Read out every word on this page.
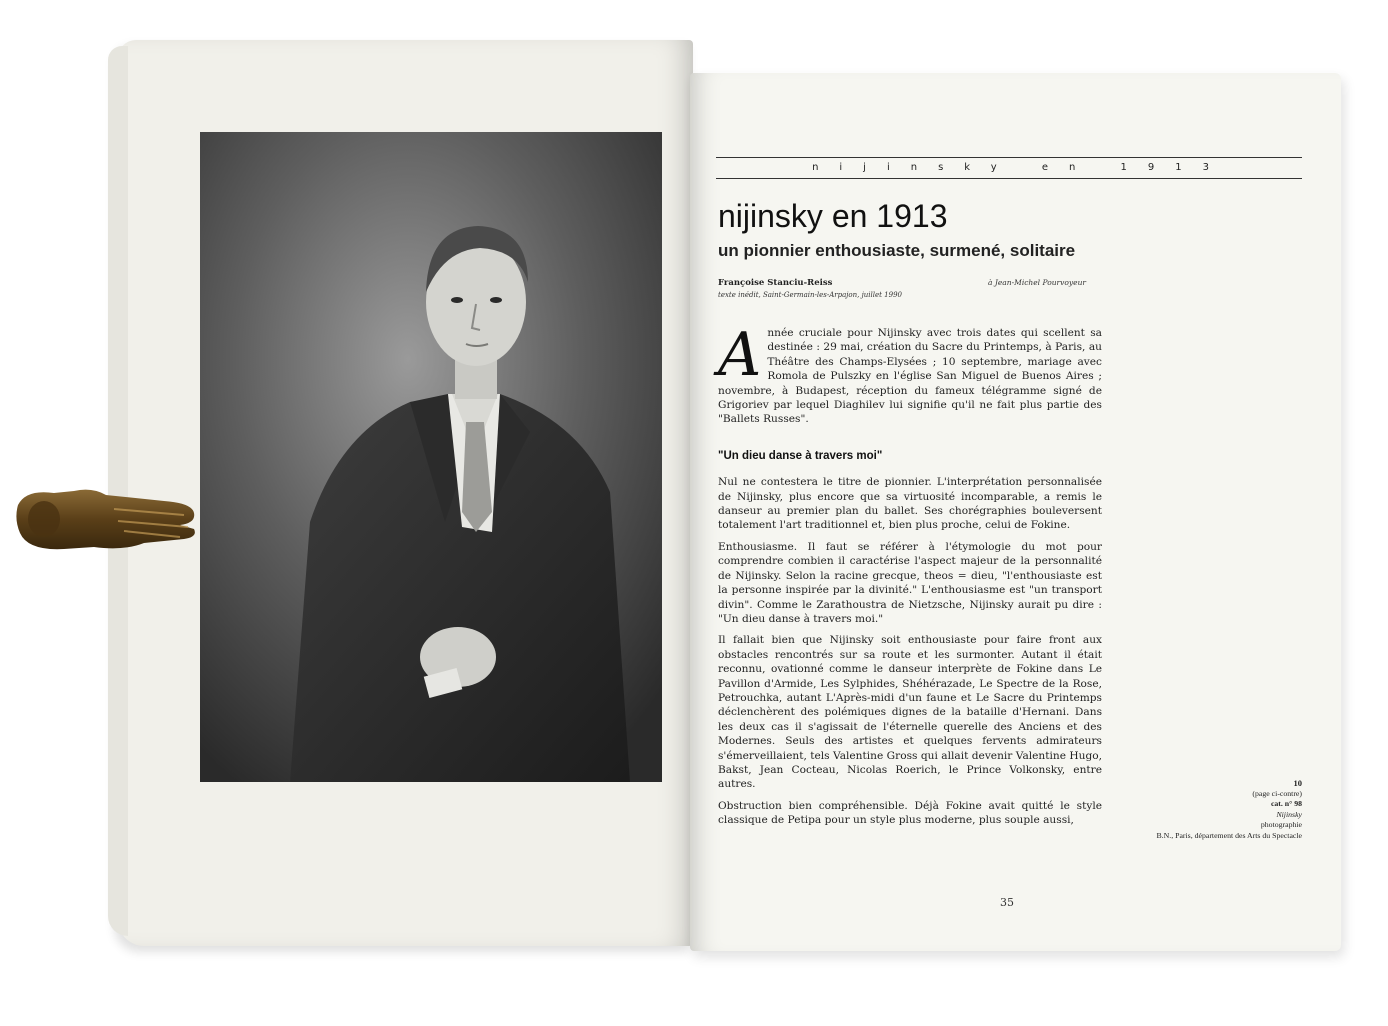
nijinsky en 1913
nijinsky en 1913
un pionnier enthousiaste, surmené, solitaire
Françoise Stanciu-Reiss
texte inédit, Saint-Germain-les-Arpajon, juillet 1990
à Jean-Michel Pourvoyeur

A nnée cruciale pour Nijinsky avec trois dates qui scellent sa destinée : 29 mai, création du Sacre du Printemps, à Paris, au Théâtre des Champs-Elysées ; 10 septembre, mariage avec Romola de Pulszky en l'église San Miguel de Buenos Aires ; novembre, à Budapest, réception du fameux télégramme signé de Grigoriev par lequel Diaghilev lui signifie qu'il ne fait plus partie des "Ballets Russes".

"Un dieu danse à travers moi"

Nul ne contestera le titre de pionnier. L'interprétation personnalisée de Nijinsky, plus encore que sa virtuosité incomparable, a remis le danseur au premier plan du ballet. Ses chorégraphies bouleversent totalement l'art traditionnel et, bien plus proche, celui de Fokine.

Enthousiasme. Il faut se référer à l'étymologie du mot pour comprendre combien il caractérise l'aspect majeur de la personnalité de Nijinsky. Selon la racine grecque, theos = dieu, "l'enthousiaste est la personne inspirée par la divinité." L'enthousiasme est "un transport divin". Comme le Zarathoustra de Nietzsche, Nijinsky aurait pu dire : "Un dieu danse à travers moi."

Il fallait bien que Nijinsky soit enthousiaste pour faire front aux obstacles rencontrés sur sa route et les surmonter. Autant il était reconnu, ovationné comme le danseur interprète de Fokine dans Le Pavillon d'Armide, Les Sylphides, Shéhérazade, Le Spectre de la Rose, Petrouchka, autant L'Après-midi d'un faune et Le Sacre du Printemps déclenchèrent des polémiques dignes de la bataille d'Hernani. Dans les deux cas il s'agissait de l'éternelle querelle des Anciens et des Modernes. Seuls des artistes et quelques fervents admirateurs s'émerveillaient, tels Valentine Gross qui allait devenir Valentine Hugo, Bakst, Jean Cocteau, Nicolas Roerich, le Prince Volkonsky, entre autres.

Obstruction bien compréhensible. Déjà Fokine avait quitté le style classique de Petipa pour un style plus moderne, plus souple aussi,

10
(page ci-contre)
cat. n° 98
Nijinsky
photographie
B.N., Paris, département des Arts du Spectacle
35
